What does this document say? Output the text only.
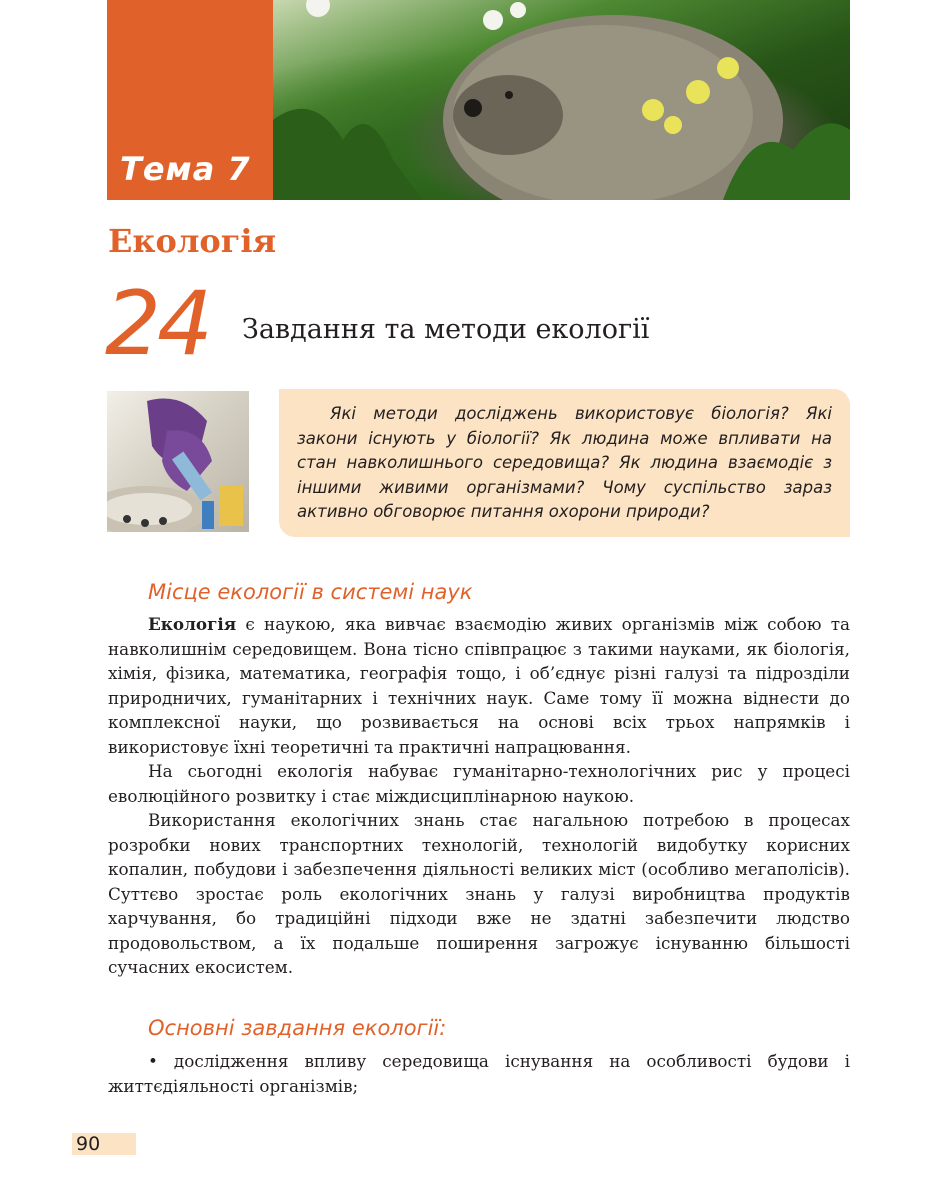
Тема 7
Екологія
24 Завдання та методи екології

Які методи досліджень використовує біологія? Які закони існують у біології? Як людина може впливати на стан навколишнього середовища? Як людина взаємодіє з іншими живими організмами? Чому суспільство зараз активно обговорює питання охорони природи?

Місце екології в системі наук

Екологія є наукою, яка вивчає взаємодію живих організмів між собою та навколишнім середовищем. Вона тісно співпрацює з такими науками, як біологія, хімія, фізика, математика, географія тощо, і об’єднує різні галузі та підрозділи природничих, гуманітарних і технічних наук. Саме тому її можна віднести до комплексної науки, що розвивається на основі всіх трьох напрямків і використовує їхні теоретичні та практичні напрацювання.

На сьогодні екологія набуває гуманітарно-технологічних рис у процесі еволюційного розвитку і стає міждисциплінарною наукою.

Використання екологічних знань стає нагальною потребою в процесах розробки нових транспортних технологій, технологій видобутку корисних копалин, побудови і забезпечення діяльності великих міст (особливо мегаполісів). Суттєво зростає роль екологічних знань у галузі виробництва продуктів харчування, бо традиційні підходи вже не здатні забезпечити людство продовольством, а їх подальше поширення загрожує існуванню більшості сучасних екосистем.

Основні завдання екології:

• дослідження впливу середовища існування на особливості будови і життєдіяльності організмів;

90
